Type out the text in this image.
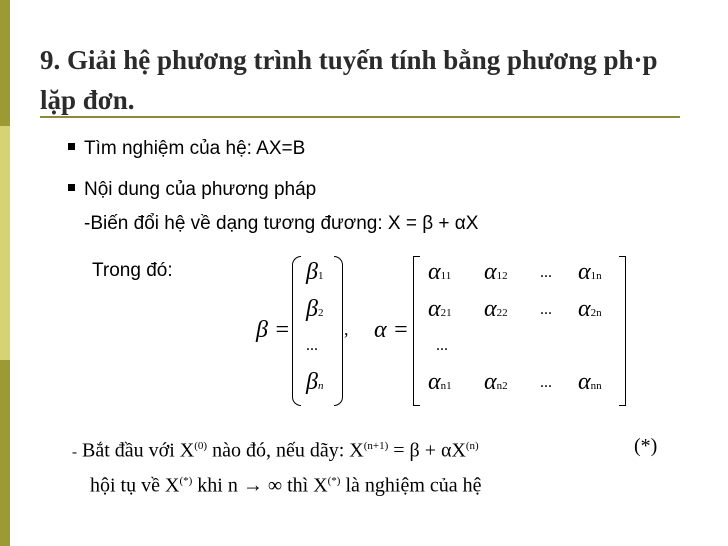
9. Giải hệ phương trình tuyến tính bằng phương ph·p lặp đơn.
Tìm nghiệm của hệ: AX=B
Nội dung của phương pháp
-Biến đổi hệ về dạng tương đương: X = β + αX
Trong đó:
β =
β1
β2
...
βn
, α =
α11 α12 ... α1n
α21 α22 ... α2n
...
αn1 αn2 ... αnn
- Bắt đầu với $X^{(0)}$ nào đó, nếu dãy: $X^{(n+1)} = \beta + \alpha X^{(n)}$	(*)
hội tụ về X(*) khi n → ∞ thì X(*) là nghiệm của hệ
